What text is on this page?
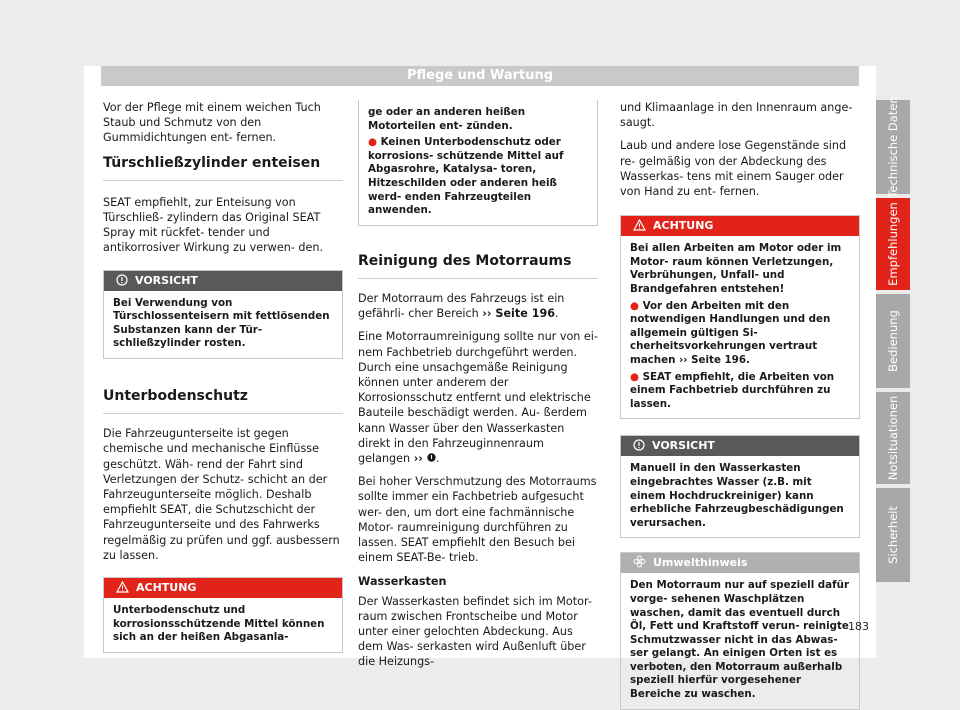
Pflege und Wartung

Vor der Pflege mit einem weichen Tuch Staub und Schmutz von den Gummidichtungen ent- fernen.

Türschließzylinder enteisen

SEAT empfiehlt, zur Enteisung von Türschließ- zylindern das Original SEAT Spray mit rückfet- tender und antikorrosiver Wirkung zu verwen- den.

VORSICHT
Bei Verwendung von Türschlossenteisern mit fettlösenden Substanzen kann der Tür- schließzylinder rosten.
Unterbodenschutz

Die Fahrzeugunterseite ist gegen chemische und mechanische Einflüsse geschützt. Wäh- rend der Fahrt sind Verletzungen der Schutz- schicht an der Fahrzeugunterseite möglich. Deshalb empfiehlt SEAT, die Schutzschicht der Fahrzeugunterseite und des Fahrwerks regelmäßig zu prüfen und ggf. ausbessern zu lassen.

ACHTUNG
Unterbodenschutz und korrosionsschützende Mittel können sich an der heißen Abgasanla-
ge oder an anderen heißen Motorteilen ent- zünden.
● Keinen Unterbodenschutz oder korrosions- schützende Mittel auf Abgasrohre, Katalysa- toren, Hitzeschilden oder anderen heiß werd- enden Fahrzeugteilen anwenden.
Reinigung des Motorraums

Der Motorraum des Fahrzeugs ist ein gefährli- cher Bereich ›› Seite 196.

Eine Motorraumreinigung sollte nur von ei- nem Fachbetrieb durchgeführt werden. Durch eine unsachgemäße Reinigung können unter anderem der Korrosionsschutz entfernt und elektrische Bauteile beschädigt werden. Au- ßerdem kann Wasser über den Wasserkasten direkt in den Fahrzeuginnenraum gelangen ›› .

Bei hoher Verschmutzung des Motorraums sollte immer ein Fachbetrieb aufgesucht wer- den, um dort eine fachmännische Motor- raumreinigung durchführen zu lassen. SEAT empfiehlt den Besuch bei einem SEAT-Be- trieb.

Wasserkasten

Der Wasserkasten befindet sich im Motor- raum zwischen Frontscheibe und Motor unter einer gelochten Abdeckung. Aus dem Was- serkasten wird Außenluft über die Heizungs-

und Klimaanlage in den Innenraum ange- saugt.

Laub und andere lose Gegenstände sind re- gelmäßig von der Abdeckung des Wasserkas- tens mit einem Sauger oder von Hand zu ent- fernen.

ACHTUNG
Bei allen Arbeiten am Motor oder im Motor- raum können Verletzungen, Verbrühungen, Unfall- und Brandgefahren entstehen!
● Vor den Arbeiten mit den notwendigen Handlungen und den allgemein gültigen Si- cherheitsvorkehrungen vertraut machen ›› Seite 196.
● SEAT empfiehlt, die Arbeiten von einem Fachbetrieb durchführen zu lassen.
VORSICHT
Manuell in den Wasserkasten eingebrachtes Wasser (z.B. mit einem Hochdruckreiniger) kann erhebliche Fahrzeugbeschädigungen verursachen.
Umwelthinweis
Den Motorraum nur auf speziell dafür vorge- sehenen Waschplätzen waschen, damit das eventuell durch Öl, Fett und Kraftstoff verun- reinigte Schmutzwasser nicht in das Abwas- ser gelangt. An einigen Orten ist es verboten, den Motorraum außerhalb speziell hierfür vorgesehener Bereiche zu waschen.
Technische Daten
Empfehlungen
Bedienung
Notsituationen
Sicherheit
183
